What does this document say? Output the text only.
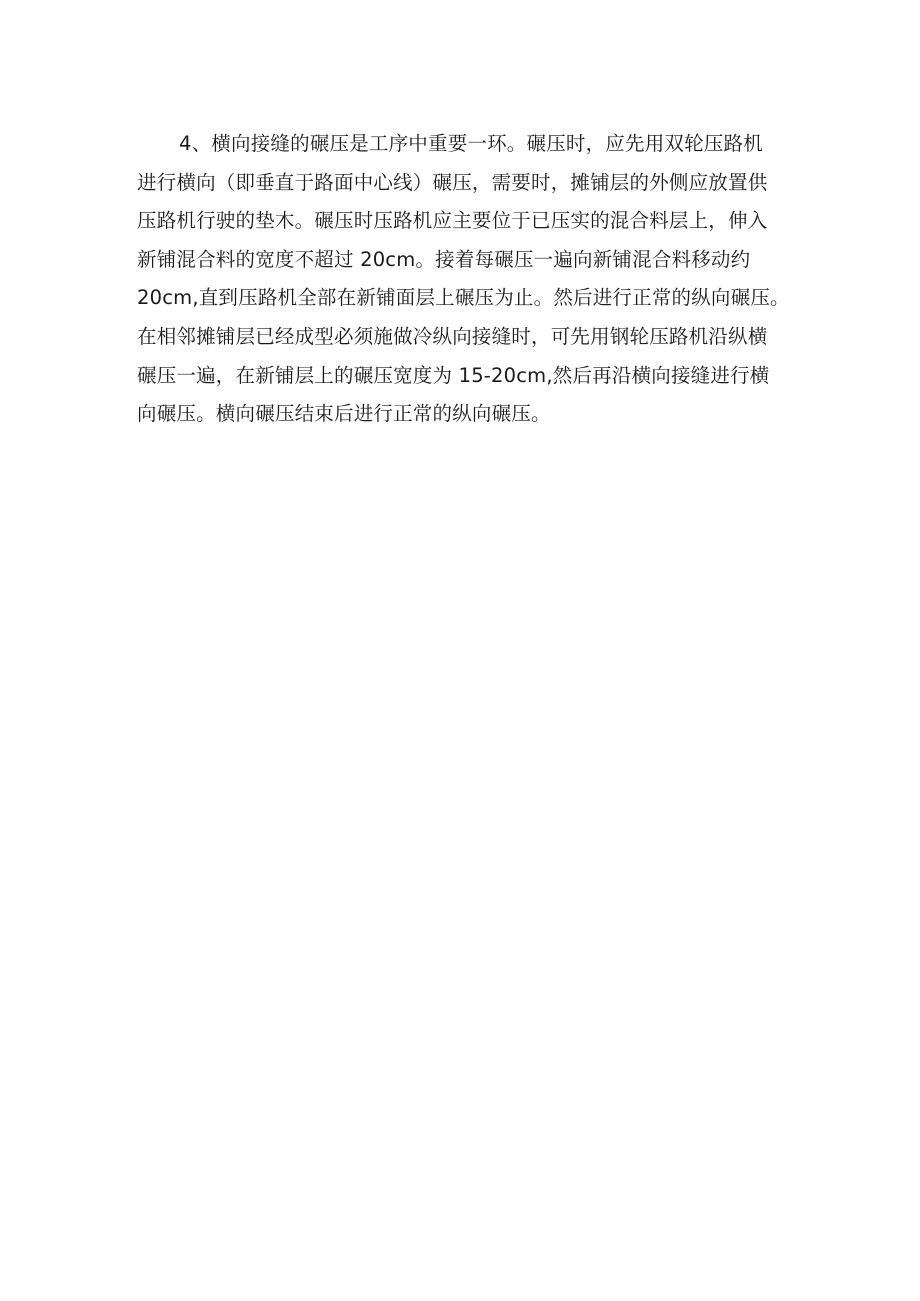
4、横向接缝的碾压是工序中重要一环。碾压时，应先用双轮压路机
进行横向（即垂直于路面中心线）碾压，需要时，摊铺层的外侧应放置供
压路机行驶的垫木。碾压时压路机应主要位于已压实的混合料层上，伸入
新铺混合料的宽度不超过 20cm。接着每碾压一遍向新铺混合料移动约
20cm,直到压路机全部在新铺面层上碾压为止。然后进行正常的纵向碾压。
在相邻摊铺层已经成型必须施做冷纵向接缝时，可先用钢轮压路机沿纵横
碾压一遍，在新铺层上的碾压宽度为 15-20cm,然后再沿横向接缝进行横
向碾压。横向碾压结束后进行正常的纵向碾压。
